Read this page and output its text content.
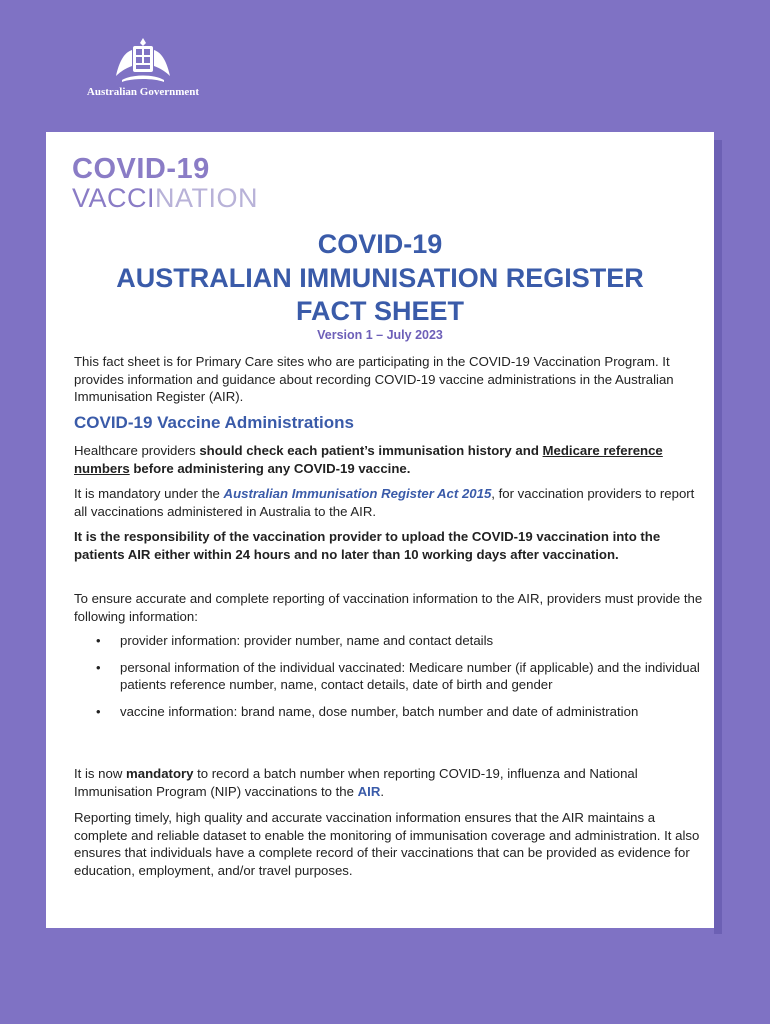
Australian Government
COVID-19
VACCINATION
COVID-19
AUSTRALIAN IMMUNISATION REGISTER
FACT SHEET
Version 1 – July 2023

This fact sheet is for Primary Care sites who are participating in the COVID-19 Vaccination Program. It provides information and guidance about recording COVID-19 vaccine administrations in the Australian Immunisation Register (AIR).

COVID-19 Vaccine Administrations

Healthcare providers should check each patient’s immunisation history and Medicare reference numbers before administering any COVID-19 vaccine.

It is mandatory under the Australian Immunisation Register Act 2015, for vaccination providers to report all vaccinations administered in Australia to the AIR.

It is the responsibility of the vaccination provider to upload the COVID-19 vaccination into the patients AIR either within 24 hours and no later than 10 working days after vaccination.

To ensure accurate and complete reporting of vaccination information to the AIR, providers must provide the following information:

• provider information: provider number, name and contact details
• personal information of the individual vaccinated: Medicare number (if applicable) and the individual patients reference number, name, contact details, date of birth and gender
• vaccine information: brand name, dose number, batch number and date of administration

It is now mandatory to record a batch number when reporting COVID-19, influenza and National Immunisation Program (NIP) vaccinations to the AIR.

Reporting timely, high quality and accurate vaccination information ensures that the AIR maintains a complete and reliable dataset to enable the monitoring of immunisation coverage and administration. It also ensures that individuals have a complete record of their vaccinations that can be provided as evidence for education, employment, and/or travel purposes.
